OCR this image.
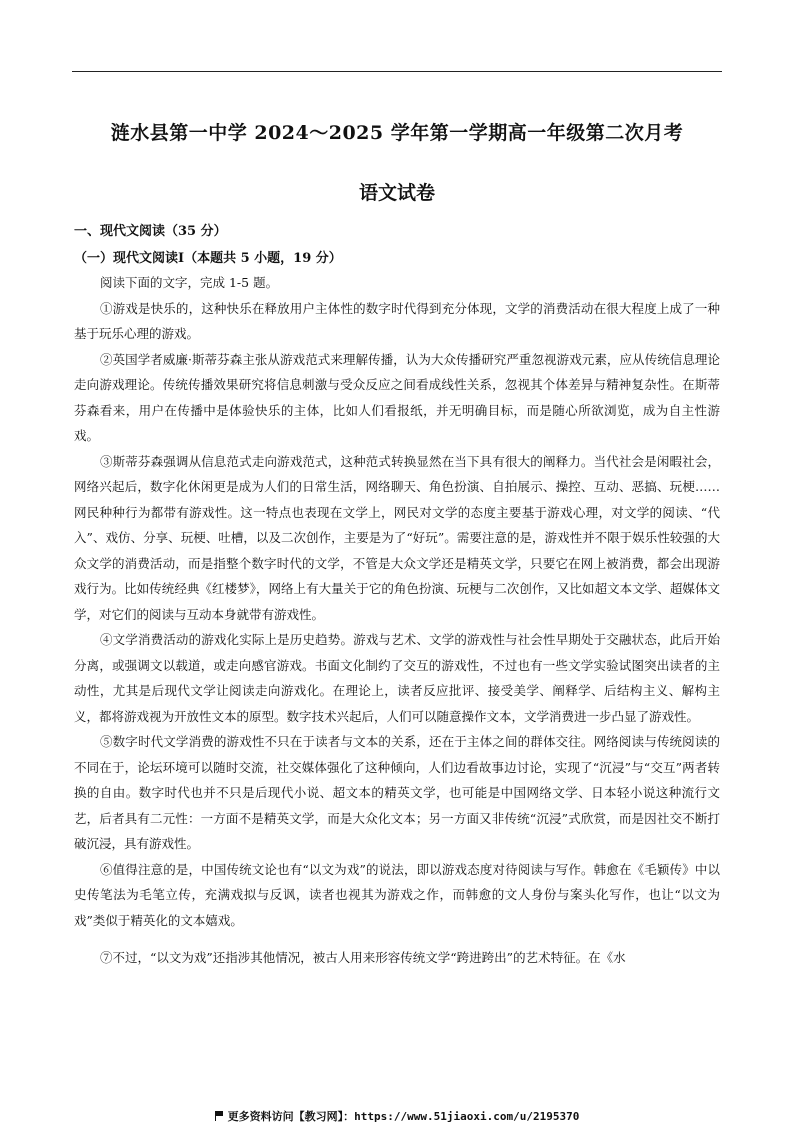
涟水县第一中学 2024～2025 学年第一学期高一年级第二次月考
语文试卷
一、现代文阅读（35 分）
（一）现代文阅读Ⅰ（本题共 5 小题，19 分）

阅读下面的文字，完成 1-5 题。

①游戏是快乐的，这种快乐在释放用户主体性的数字时代得到充分体现，文学的消费活动在很大程度上成了一种基于玩乐心理的游戏。

②英国学者威廉·斯蒂芬森主张从游戏范式来理解传播，认为大众传播研究严重忽视游戏元素，应从传统信息理论走向游戏理论。传统传播效果研究将信息刺激与受众反应之间看成线性关系，忽视其个体差异与精神复杂性。在斯蒂芬森看来，用户在传播中是体验快乐的主体，比如人们看报纸，并无明确目标，而是随心所欲浏览，成为自主性游戏。

③斯蒂芬森强调从信息范式走向游戏范式，这种范式转换显然在当下具有很大的阐释力。当代社会是闲暇社会，网络兴起后，数字化休闲更是成为人们的日常生活，网络聊天、角色扮演、自拍展示、操控、互动、恶搞、玩梗……网民种种行为都带有游戏性。这一特点也表现在文学上，网民对文学的态度主要基于游戏心理，对文学的阅读、“代入”、戏仿、分享、玩梗、吐槽，以及二次创作，主要是为了“好玩”。需要注意的是，游戏性并不限于娱乐性较强的大众文学的消费活动，而是指整个数字时代的文学，不管是大众文学还是精英文学，只要它在网上被消费，都会出现游戏行为。比如传统经典《红楼梦》，网络上有大量关于它的角色扮演、玩梗与二次创作，又比如超文本文学、超媒体文学，对它们的阅读与互动本身就带有游戏性。

④文学消费活动的游戏化实际上是历史趋势。游戏与艺术、文学的游戏性与社会性早期处于交融状态，此后开始分离，或强调文以载道，或走向感官游戏。书面文化制约了交互的游戏性，不过也有一些文学实验试图突出读者的主动性，尤其是后现代文学让阅读走向游戏化。在理论上，读者反应批评、接受美学、阐释学、后结构主义、解构主义，都将游戏视为开放性文本的原型。数字技术兴起后，人们可以随意操作文本，文学消费进一步凸显了游戏性。

⑤数字时代文学消费的游戏性不只在于读者与文本的关系，还在于主体之间的群体交往。网络阅读与传统阅读的不同在于，论坛环境可以随时交流，社交媒体强化了这种倾向，人们边看故事边讨论，实现了“沉浸”与“交互”两者转换的自由。数字时代也并不只是后现代小说、超文本的精英文学，也可能是中国网络文学、日本轻小说这种流行文艺，后者具有二元性：一方面不是精英文学，而是大众化文本；另一方面又非传统“沉浸”式欣赏，而是因社交不断打破沉浸，具有游戏性。

⑥值得注意的是，中国传统文论也有“以文为戏”的说法，即以游戏态度对待阅读与写作。韩愈在《毛颖传》中以史传笔法为毛笔立传，充满戏拟与反讽，读者也视其为游戏之作，而韩愈的文人身份与案头化写作，也让“以文为戏”类似于精英化的文本嬉戏。

⑦不过，“以文为戏”还指涉其他情况，被古人用来形容传统文学“跨进跨出”的艺术特征。在《水

更多资料访问【教习网】：https://www.51jiaoxi.com/u/2195370
